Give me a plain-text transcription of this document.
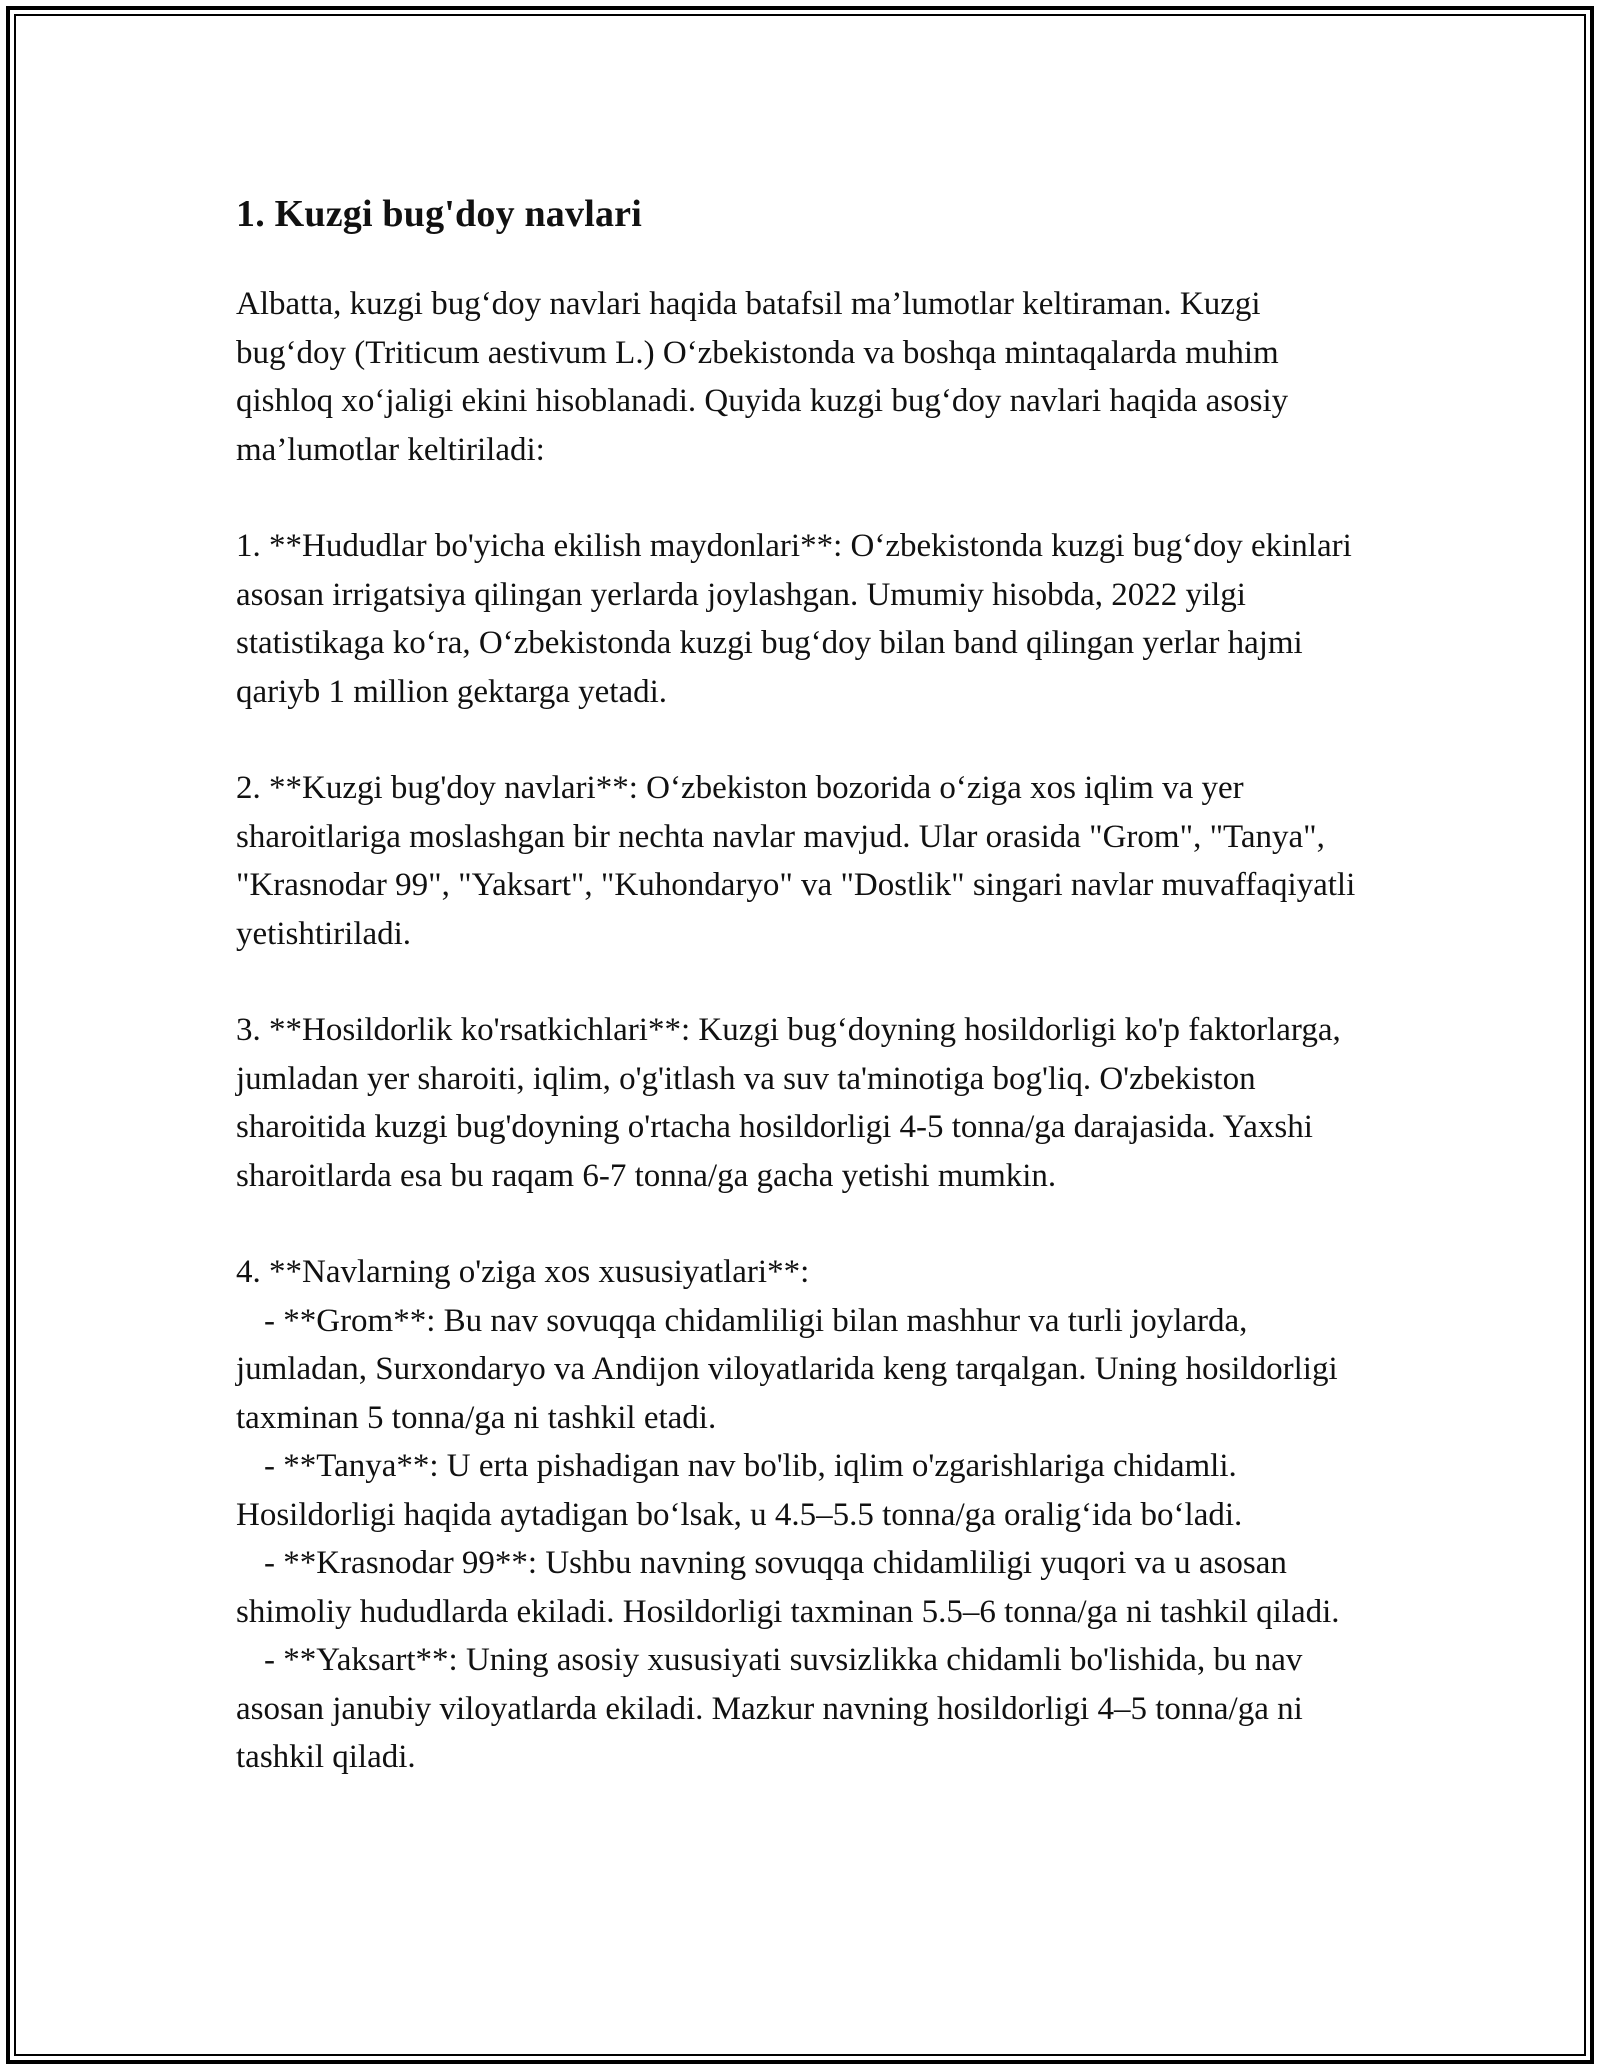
1. Kuzgi bug'doy navlari

Albatta, kuzgi bug‘doy navlari haqida batafsil ma’lumotlar keltiraman. Kuzgi bug‘doy (Triticum aestivum L.) O‘zbekistonda va boshqa mintaqalarda muhim qishloq xo‘jaligi ekini hisoblanadi. Quyida kuzgi bug‘doy navlari haqida asosiy ma’lumotlar keltiriladi:

1. **Hududlar bo'yicha ekilish maydonlari**: O‘zbekistonda kuzgi bug‘doy ekinlari asosan irrigatsiya qilingan yerlarda joylashgan. Umumiy hisobda, 2022 yilgi statistikaga ko‘ra, O‘zbekistonda kuzgi bug‘doy bilan band qilingan yerlar hajmi qariyb 1 million gektarga yetadi.

2. **Kuzgi bug'doy navlari**: O‘zbekiston bozorida o‘ziga xos iqlim va yer sharoitlariga moslashgan bir nechta navlar mavjud. Ular orasida "Grom", "Tanya", "Krasnodar 99", "Yaksart", "Kuhondaryo" va "Dostlik" singari navlar muvaffaqiyatli yetishtiriladi.

3. **Hosildorlik ko'rsatkichlari**: Kuzgi bug‘doyning hosildorligi ko'p faktorlarga, jumladan yer sharoiti, iqlim, o'g'itlash va suv ta'minotiga bog'liq. O'zbekiston sharoitida kuzgi bug'doyning o'rtacha hosildorligi 4-5 tonna/ga darajasida. Yaxshi sharoitlarda esa bu raqam 6-7 tonna/ga gacha yetishi mumkin.

4. **Navlarning o'ziga xos xususiyatlari**:

- **Grom**: Bu nav sovuqqa chidamliligi bilan mashhur va turli joylarda, jumladan, Surxondaryo va Andijon viloyatlarida keng tarqalgan. Uning hosildorligi taxminan 5 tonna/ga ni tashkil etadi.

- **Tanya**: U erta pishadigan nav bo'lib, iqlim o'zgarishlariga chidamli. Hosildorligi haqida aytadigan bo‘lsak, u 4.5–5.5 tonna/ga oralig‘ida bo‘ladi.

- **Krasnodar 99**: Ushbu navning sovuqqa chidamliligi yuqori va u asosan shimoliy hududlarda ekiladi. Hosildorligi taxminan 5.5–6 tonna/ga ni tashkil qiladi.

- **Yaksart**: Uning asosiy xususiyati suvsizlikka chidamli bo'lishida, bu nav asosan janubiy viloyatlarda ekiladi. Mazkur navning hosildorligi 4–5 tonna/ga ni tashkil qiladi.
